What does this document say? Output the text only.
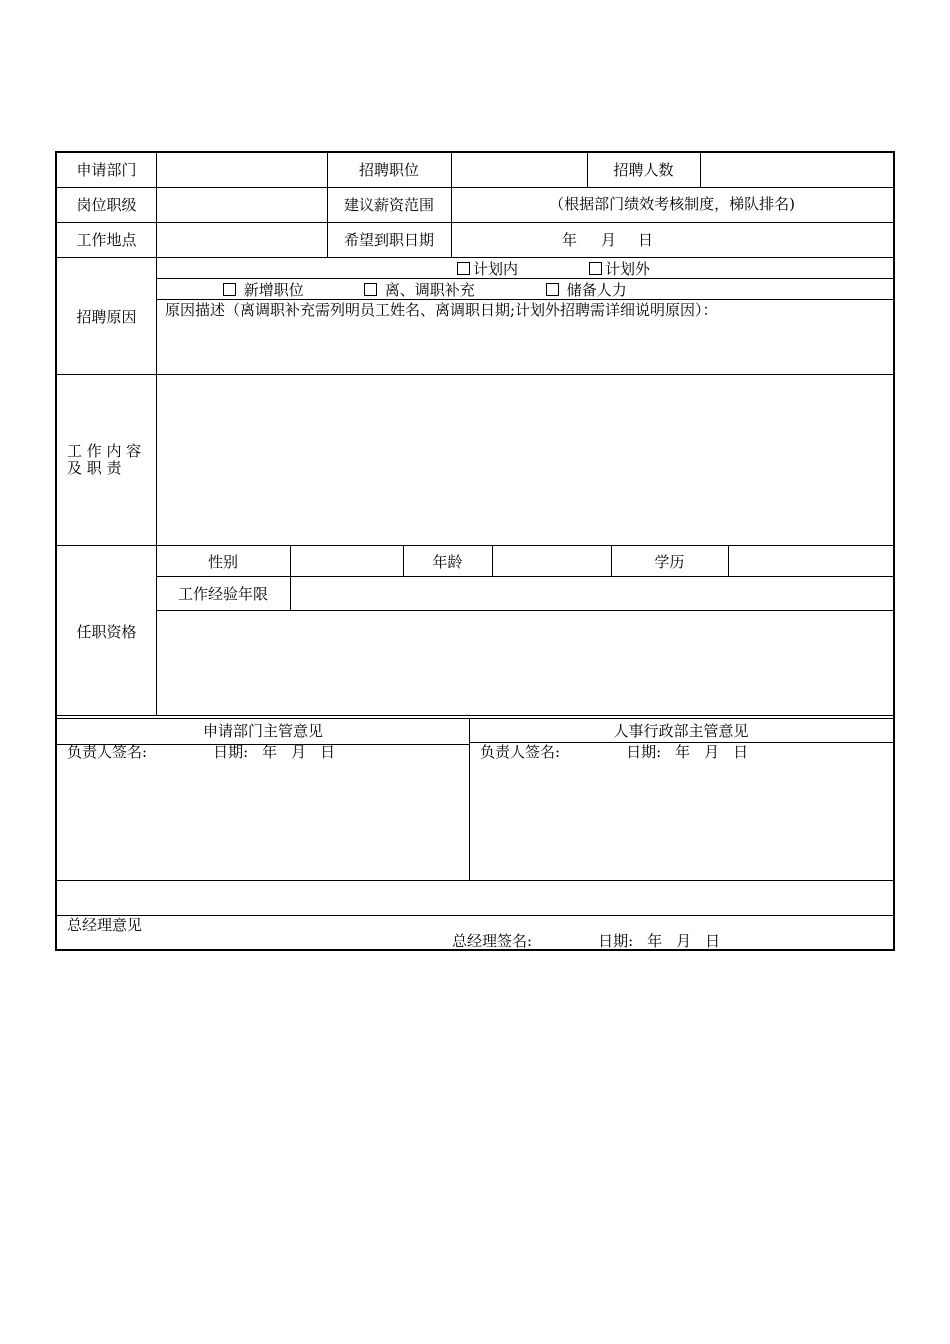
申请部门	招聘职位	招聘人数
岗位职级	建议薪资范围	（根据部门绩效考核制度，梯队排名)
工作地点	希望到职日期	年 月 日
招聘原因
计划内	计划外
新增职位	离、调职补充	储备人力
原因描述（离调职补充需列明员工姓名、离调职日期;计划外招聘需详细说明原因）：
工 作 内 容
及 职 责
任职资格
性别	年龄	学历
工作经验年限
申请部门主管意见	人事行政部主管意见
负责人签名:	日期: 年 月 日	负责人签名:	日期: 年 月 日
总经理意见
总经理签名:	日期: 年 月 日
